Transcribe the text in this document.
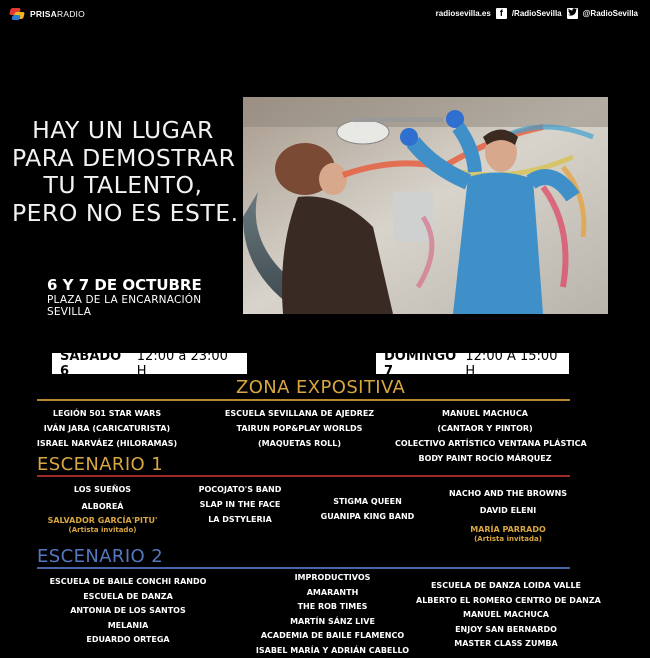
PRISARADIO	radiosevilla.es	f	/RadioSevilla	@RadioSevilla
HAY UN LUGAR
PARA DEMOSTRAR
TU TALENTO,
PERO NO ES ESTE.
6 Y 7 DE OCTUBRE
PLAZA DE LA ENCARNACIÓN
SEVILLA
SÁBADO 6
12:00 a 23:00 H
DOMINGO 7
12:00 A 15:00 H
ZONA EXPOSITIVA
LEGIÓN 501 STAR WARS
IVÁN JARA (CARICATURISTA)
ISRAEL NARVÁEZ (HILORAMAS)
ESCUELA SEVILLANA DE AJEDREZ
TAIRUN POP&PLAY WORLDS
(MAQUETAS ROLL)
MANUEL MACHUCA
(CANTAOR Y PINTOR)
COLECTIVO ARTÍSTICO VENTANA PLÁSTICA
BODY PAINT ROCÍO MÁRQUEZ
ESCENARIO 1
LOS SUEÑOS
ALBOREÁ
SALVADOR GARCÍA'PITU'
(Artista invitado)
POCOJATO'S BAND
SLAP IN THE FACE
LA DSTYLERIA
STIGMA QUEEN
GUANIPA KING BAND
NACHO AND THE BROWNS
DAVID ELENI
MARÍA PARRADO
(Artista invitada)
ESCENARIO 2
ESCUELA DE BAILE CONCHI RANDO
ESCUELA DE DANZA
ANTONIA DE LOS SANTOS
MELANIA
EDUARDO ORTEGA
IMPRODUCTIVOS
AMARANTH
THE ROB TIMES
MARTÍN SÁNZ LIVE
ACADEMIA DE BAILE FLAMENCO
ISABEL MARÍA Y ADRIÁN CABELLO
ESCUELA DE DANZA LOIDA VALLE
ALBERTO EL ROMERO CENTRO DE DANZA
MANUEL MACHUCA
ENJOY SAN BERNARDO
MASTER CLASS ZUMBA
